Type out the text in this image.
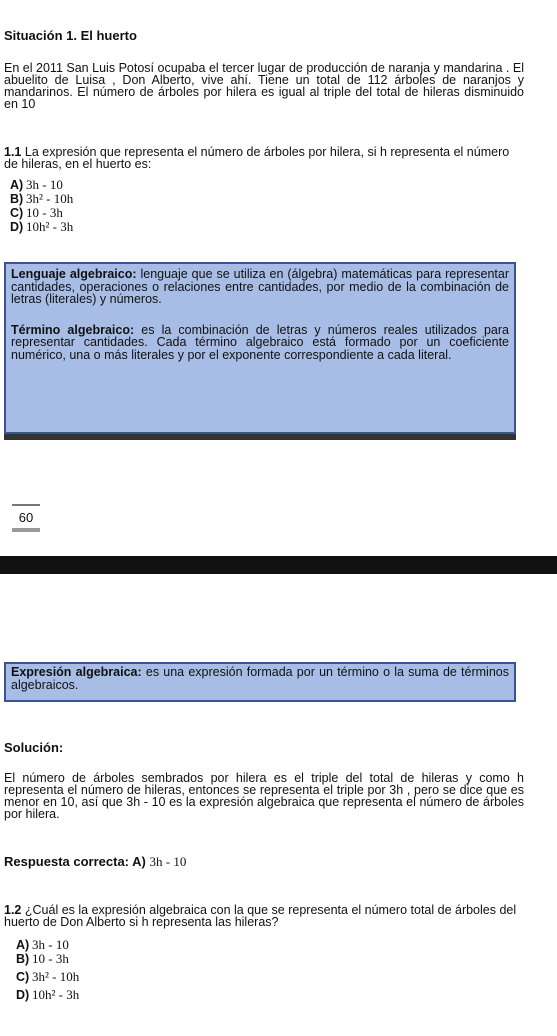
Situación 1. El huerto

En el 2011 San Luis Potosí ocupaba el tercer lugar de producción de naranja y mandarina . El abuelito de Luisa , Don Alberto, vive ahí. Tiene un total de 112 árboles de naranjos y mandarinos. El número de árboles por hilera es igual al triple del total de hileras disminuido en 10

1.1 La expresión que representa el número de árboles por hilera, si h representa el número de hileras, en el huerto es:

A) 3h - 10
B) 3h² - 10h
C) 10 - 3h
D) 10h² - 3h

Lenguaje algebraico: lenguaje que se utiliza en (álgebra) matemáticas para representar cantidades, operaciones o relaciones entre cantidades, por medio de la combinación de letras (literales) y números.

Término algebraico: es la combinación de letras y números reales utilizados para representar cantidades. Cada término algebraico está formado por un coeficiente numérico, una o más literales y por el exponente correspondiente a cada literal.

60

Expresión algebraica: es una expresión formada por un término o la suma de términos algebraicos.

Solución:

El número de árboles sembrados por hilera es el triple del total de hileras y como h representa el número de hileras, entonces se representa el triple por 3h , pero se dice que es menor en 10, así que 3h - 10 es la expresión algebraica que representa el número de árboles por hilera.

Respuesta correcta: A) 3h - 10

1.2 ¿Cuál es la expresión algebraica con la que se representa el número total de árboles del huerto de Don Alberto si h representa las hileras?

A) 3h - 10
B) 10 - 3h
C) 3h² - 10h
D) 10h² - 3h
